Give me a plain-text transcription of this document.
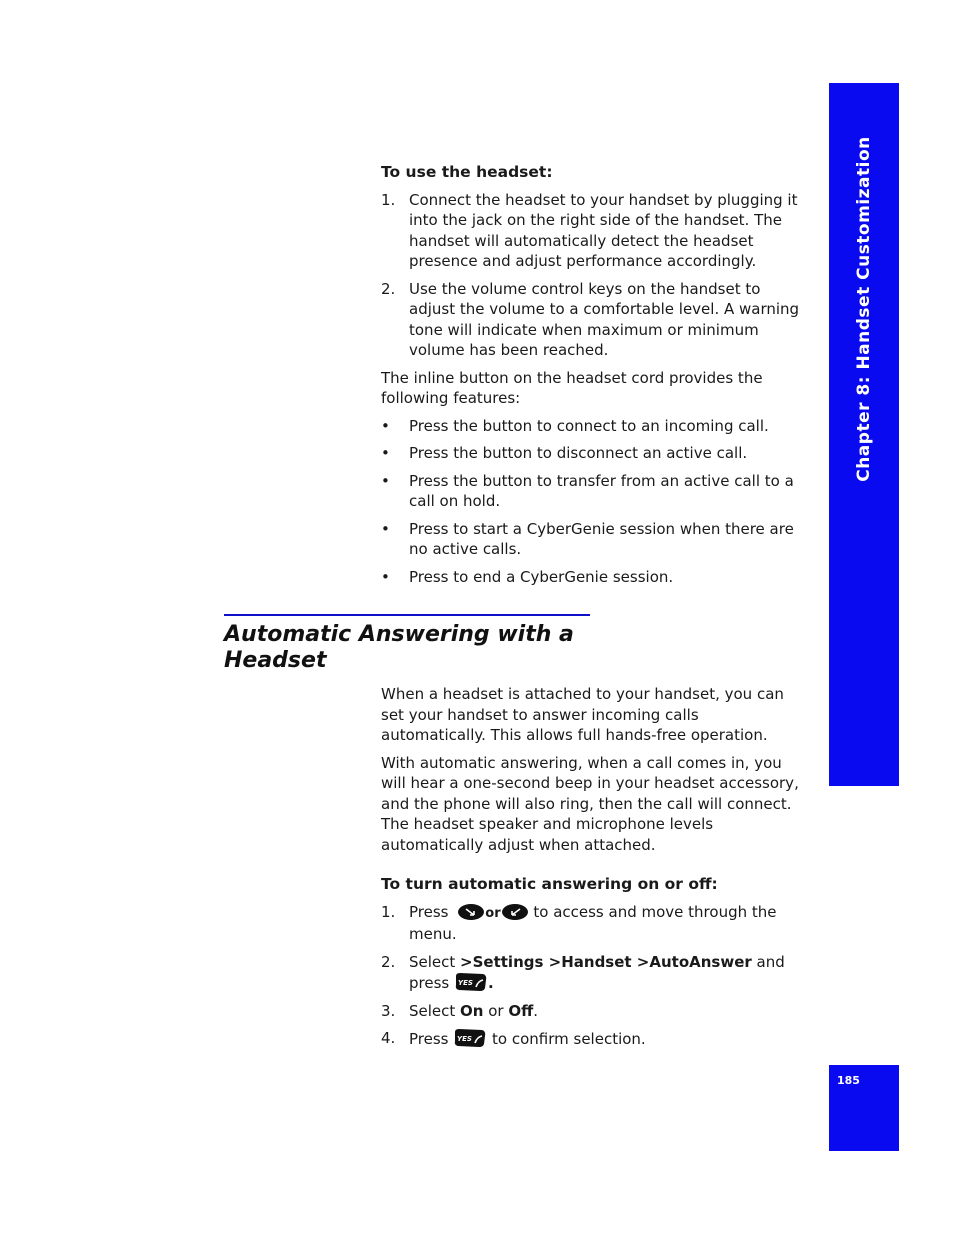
Chapter 8: Handset Customization
185

To use the headset:

1. Connect the headset to your handset by plugging it into the jack on the right side of the handset. The handset will automatically detect the headset presence and adjust performance accordingly.
2. Use the volume control keys on the handset to adjust the volume to a comfortable level. A warning tone will indicate when maximum or minimum volume has been reached.

The inline button on the headset cord provides the following features:

• Press the button to connect to an incoming call.
• Press the button to disconnect an active call.
• Press the button to transfer from an active call to a call on hold.
• Press to start a CyberGenie session when there are no active calls.
• Press to end a CyberGenie session.
Automatic Answering with a Headset

When a headset is attached to your handset, you can set your handset to answer incoming calls automatically. This allows full hands-free operation.

With automatic answering, when a call comes in, you will hear a one-second beep in your headset accessory, and the phone will also ring, then the call will connect. The headset speaker and microphone levels automatically adjust when attached.

To turn automatic answering on or off:

1. Press	or to access and move through the menu.
2. Select >Settings >Handset >AutoAnswer and press YES .
3. Select On or Off.
4. Press YES to confirm selection.
